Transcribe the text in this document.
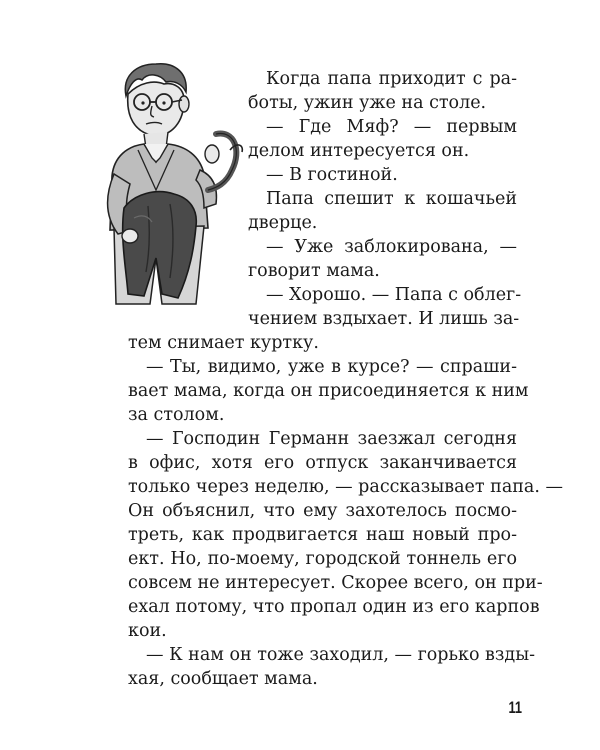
Когда папа приходит с ра-
боты, ужин уже на столе.
— Где Мяф? — первым
делом интересуется он.
— В гостиной.
Папа спешит к кошачьей
дверце.
— Уже заблокирована, —
говорит мама.
— Хорошо. — Папа с облег-
чением вздыхает. И лишь за-
тем снимает куртку.
— Ты, видимо, уже в курсе? — спраши-
вает мама, когда он присоединяется к ним
за столом.
— Господин Германн заезжал сегодня
в офис, хотя его отпуск заканчивается
только через неделю, — рассказывает папа. —
Он объяснил, что ему захотелось посмо-
треть, как продвигается наш новый про-
ект. Но, по-моему, городской тоннель его
совсем не интересует. Скорее всего, он при-
ехал потому, что пропал один из его карпов
кои.
— К нам он тоже заходил, — горько взды-
хая, сообщает мама.
11
